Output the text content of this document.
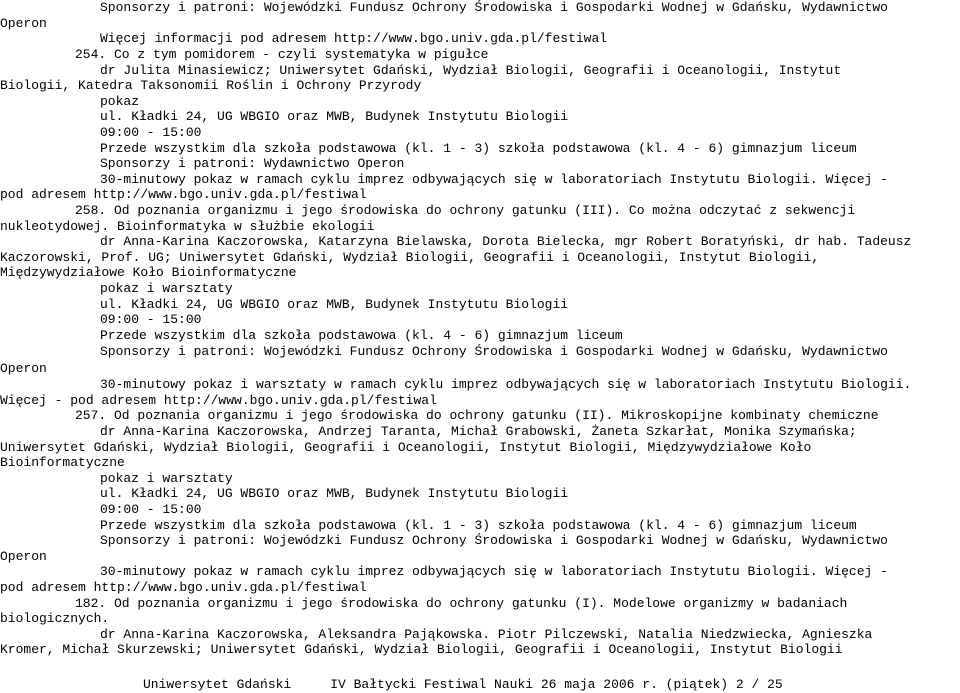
Sponsorzy i patroni: Wojewódzki Fundusz Ochrony Środowiska i Gospodarki Wodnej w Gdańsku, Wydawnictwo
Operon
Więcej informacji pod adresem http://www.bgo.univ.gda.pl/festiwal
254. Co z tym pomidorem - czyli systematyka w pigułce
dr Julita Minasiewicz; Uniwersytet Gdański, Wydział Biologii, Geografii i Oceanologii, Instytut
Biologii, Katedra Taksonomii Roślin i Ochrony Przyrody
pokaz
ul. Kładki 24, UG WBGIO oraz MWB, Budynek Instytutu Biologii
09:00 - 15:00
Przede wszystkim dla szkoła podstawowa (kl. 1 - 3) szkoła podstawowa (kl. 4 - 6) gimnazjum liceum
Sponsorzy i patroni: Wydawnictwo Operon
30-minutowy pokaz w ramach cyklu imprez odbywających się w laboratoriach Instytutu Biologii. Więcej -
pod adresem http://www.bgo.univ.gda.pl/festiwal
258. Od poznania organizmu i jego środowiska do ochrony gatunku (III). Co można odczytać z sekwencji
nukleotydowej. Bioinformatyka w służbie ekologii
dr Anna-Karina Kaczorowska, Katarzyna Bielawska, Dorota Bielecka, mgr Robert Boratyński, dr hab. Tadeusz
Kaczorowski, Prof. UG; Uniwersytet Gdański, Wydział Biologii, Geografii i Oceanologii, Instytut Biologii,
Międzywydziałowe Koło Bioinformatyczne
pokaz i warsztaty
ul. Kładki 24, UG WBGIO oraz MWB, Budynek Instytutu Biologii
09:00 - 15:00
Przede wszystkim dla szkoła podstawowa (kl. 4 - 6) gimnazjum liceum
Sponsorzy i patroni: Wojewódzki Fundusz Ochrony Środowiska i Gospodarki Wodnej w Gdańsku, Wydawnictwo
Operon
30-minutowy pokaz i warsztaty w ramach cyklu imprez odbywających się w laboratoriach Instytutu Biologii.
Więcej - pod adresem http://www.bgo.univ.gda.pl/festiwal
257. Od poznania organizmu i jego środowiska do ochrony gatunku (II). Mikroskopijne kombinaty chemiczne
dr Anna-Karina Kaczorowska, Andrzej Taranta, Michał Grabowski, Żaneta Szkarłat, Monika Szymańska;
Uniwersytet Gdański, Wydział Biologii, Geografii i Oceanologii, Instytut Biologii, Międzywydziałowe Koło
Bioinformatyczne
pokaz i warsztaty
ul. Kładki 24, UG WBGIO oraz MWB, Budynek Instytutu Biologii
09:00 - 15:00
Przede wszystkim dla szkoła podstawowa (kl. 1 - 3) szkoła podstawowa (kl. 4 - 6) gimnazjum liceum
Sponsorzy i patroni: Wojewódzki Fundusz Ochrony Środowiska i Gospodarki Wodnej w Gdańsku, Wydawnictwo
Operon
30-minutowy pokaz w ramach cyklu imprez odbywających się w laboratoriach Instytutu Biologii. Więcej -
pod adresem http://www.bgo.univ.gda.pl/festiwal
182. Od poznania organizmu i jego środowiska do ochrony gatunku (I). Modelowe organizmy w badaniach
biologicznych.
dr Anna-Karina Kaczorowska, Aleksandra Pająkowska. Piotr Pilczewski, Natalia Niedzwiecka, Agnieszka
Kromer, Michał Skurzewski; Uniwersytet Gdański, Wydział Biologii, Geografii i Oceanologii, Instytut Biologii
Uniwersytet Gdański     IV Bałtycki Festiwal Nauki 26 maja 2006 r. (piątek) 2 / 25
